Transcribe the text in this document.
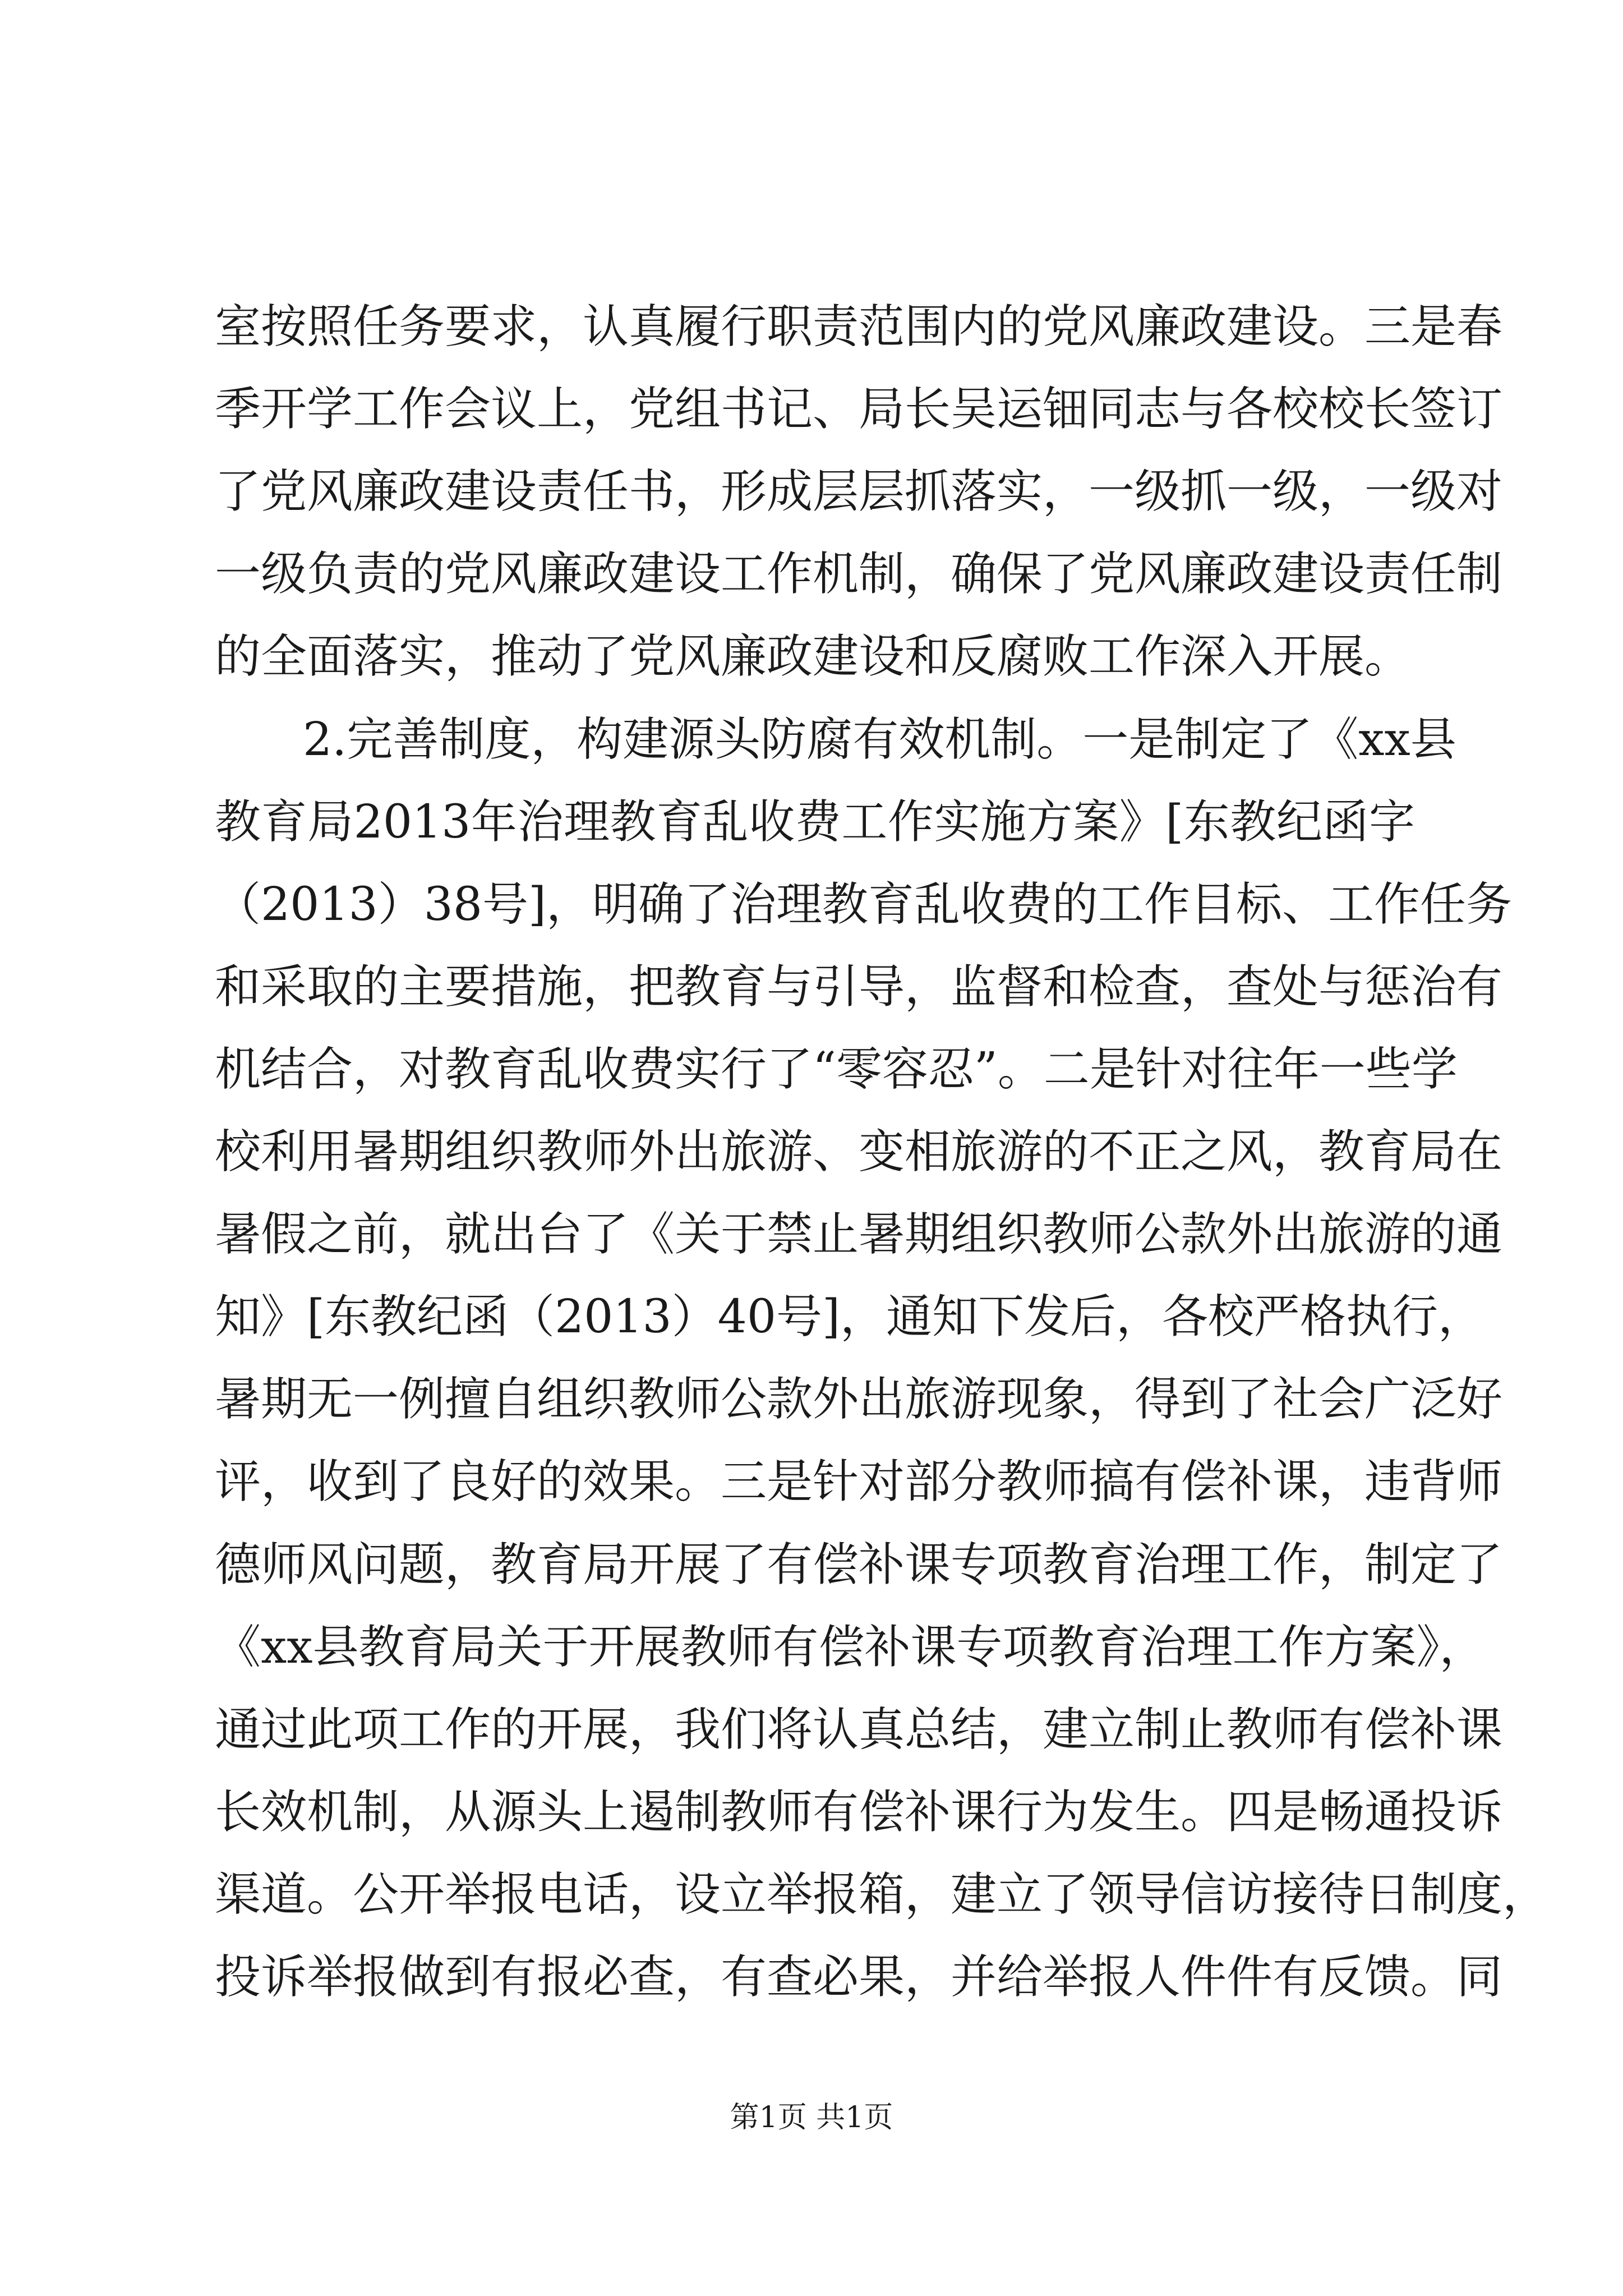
室按照任务要求，认真履行职责范围内的党风廉政建设。三是春
季开学工作会议上，党组书记、局长吴运钿同志与各校校长签订
了党风廉政建设责任书，形成层层抓落实，一级抓一级，一级对
一级负责的党风廉政建设工作机制，确保了党风廉政建设责任制
的全面落实，推动了党风廉政建设和反腐败工作深入开展。
2.完善制度，构建源头防腐有效机制。一是制定了《xx县
教育局2013年治理教育乱收费工作实施方案》[东教纪函字
（2013）38号]，明确了治理教育乱收费的工作目标、工作任务
和采取的主要措施，把教育与引导，监督和检查，查处与惩治有
机结合，对教育乱收费实行了“零容忍”。二是针对往年一些学
校利用暑期组织教师外出旅游、变相旅游的不正之风，教育局在
暑假之前，就出台了《关于禁止暑期组织教师公款外出旅游的通
知》[东教纪函（2013）40号]，通知下发后，各校严格执行，
暑期无一例擅自组织教师公款外出旅游现象，得到了社会广泛好
评，收到了良好的效果。三是针对部分教师搞有偿补课，违背师
德师风问题，教育局开展了有偿补课专项教育治理工作，制定了
《xx县教育局关于开展教师有偿补课专项教育治理工作方案》，
通过此项工作的开展，我们将认真总结，建立制止教师有偿补课
长效机制，从源头上遏制教师有偿补课行为发生。四是畅通投诉
渠道。公开举报电话，设立举报箱，建立了领导信访接待日制度，
投诉举报做到有报必查，有查必果，并给举报人件件有反馈。同
第1页 共1页
